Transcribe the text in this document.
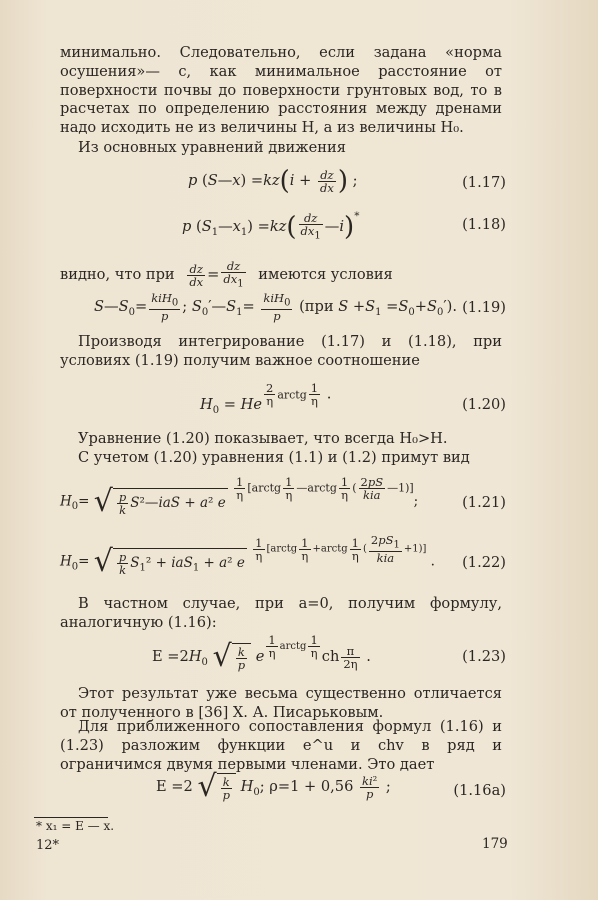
минимально. Следовательно, если задана «норма осушения»— c, как минимальное расстояние от поверхности почвы до поверхности грунтовых вод, то в расчетах по определению расстояния между дренами надо исходить не из величины H, а из величины H₀.
Из основных уравнений движения
p (S—x) $=kz(i + \frac{dz}{dx}$ ) ;	(1.17)
p $(S_1—x_1) =kz( \frac{dz}{dx_1}$ —i)*	(1.18)
видно, что при $\frac{dz}{dx} = \frac{dz}{dx_1}$ имеются условия
$S—S_0= \frac{kiH_0}{p}$ ; $S_0'—S_1= \frac{kiH_0}{p} (при$ $S +S_1 =S_0+S_0'$). (1.19)
Производя интегрирование (1.17) и (1.18), при условиях (1.19) получим важное соотношение
$H_0 = He \frac{2}{\eta}$ arctg $\frac{1}{\eta}$ .
(1.20)
Уравнение (1.20) показывает, что всегда H₀>H.
С учетом (1.20) уравнения (1.1) и (1.2) примут вид
$H_0=$ √ $\frac{p}{k}$ S²—iaS + a² e
$\frac{1}{\eta}$ [arctg $\frac{1}{\eta}$ —arctg $\frac{1}{\eta}$ ( $\frac{2pS}{\text{kia}}$ —1)];	(1.21)
$H_0=$ √ $\frac{p}{k} S_1^2 + iaS_1 + a^2$ e
$\frac{1}{\eta}$ [arctg $\frac{1}{\eta}$ +arctg $\frac{1}{\eta}$ ( $\frac{2pS_1}{\text{kia}} +1$)] . (1.22)
В частном случае, при a=0, получим формулу, аналогичную (1.16):
$E =2H_0$ √ $\frac{k}{p}$ e $\frac{1}{\eta}$ arctg $\frac{1}{\eta}$ ch $\frac{\pi}{2\eta}$ .	(1.23)
Этот результат уже весьма существенно отличается от полученного в [36] Х. А. Писарьковым.
Для приближенного сопоставления формул (1.16) и (1.23) разложим функции e^u и chv в ряд и ограничимся двумя первыми членами. Это дает
E =2 √ $\frac{k}{p} H_0$; $\rho=1 + 0,56 \frac{\text{ki²}}{p}$ ;	(1.16а)
* x₁ = E — x.
12*	179
